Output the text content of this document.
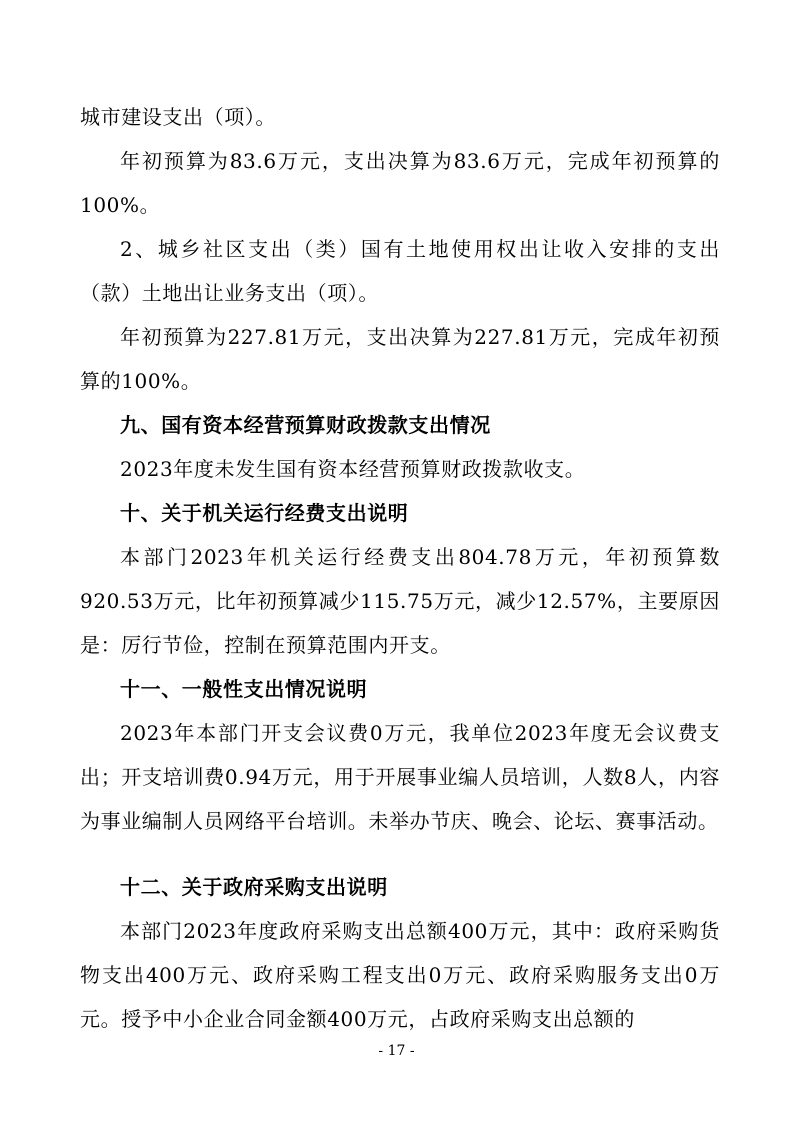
城市建设支出（项）。

年初预算为83.6万元，支出决算为83.6万元，完成年初预算的100%。

2、城乡社区支出（类）国有土地使用权出让收入安排的支出（款）土地出让业务支出（项）。

年初预算为227.81万元，支出决算为227.81万元，完成年初预算的100%。

九、国有资本经营预算财政拨款支出情况

2023年度未发生国有资本经营预算财政拨款收支。

十、关于机关运行经费支出说明

本部门2023年机关运行经费支出804.78万元，年初预算数920.53万元，比年初预算减少115.75万元，减少12.57%，主要原因是：厉行节俭，控制在预算范围内开支。

十一、一般性支出情况说明

2023年本部门开支会议费0万元，我单位2023年度无会议费支出；开支培训费0.94万元，用于开展事业编人员培训，人数8人，内容为事业编制人员网络平台培训。未举办节庆、晚会、论坛、赛事活动。

十二、关于政府采购支出说明

本部门2023年度政府采购支出总额400万元，其中：政府采购货物支出400万元、政府采购工程支出0万元、政府采购服务支出0万元。授予中小企业合同金额400万元，占政府采购支出总额的

- 17 -
